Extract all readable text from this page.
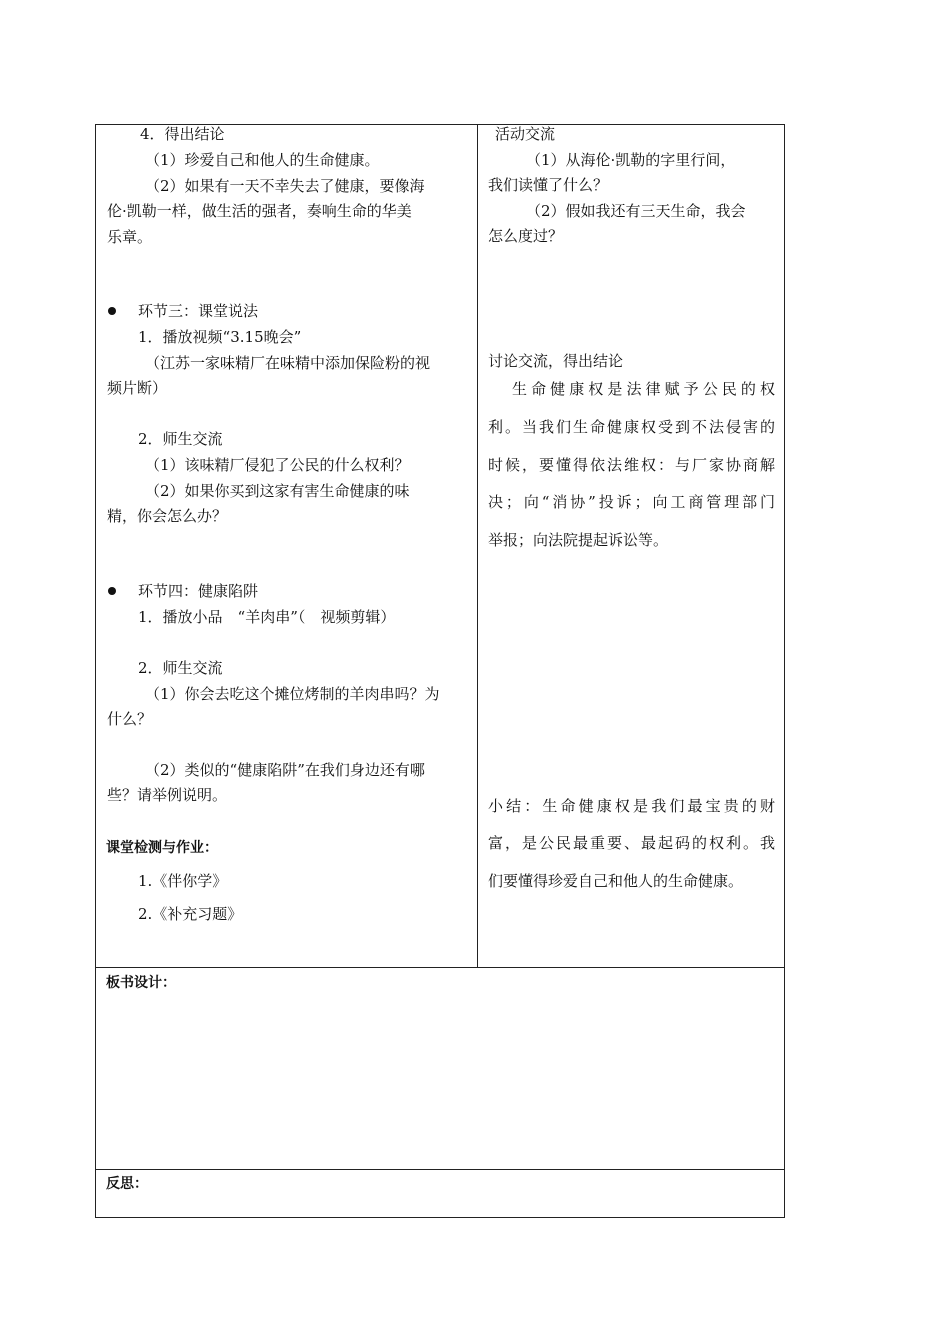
4．得出结论
（1）珍爱自己和他人的生命健康。
（2）如果有一天不幸失去了健康，要像海
伦·凯勒一样，做生活的强者，奏响生命的华美
乐章。
环节三：课堂说法
1．播放视频“3.15晚会”
（江苏一家味精厂在味精中添加保险粉的视
频片断）
2．师生交流
（1）该味精厂侵犯了公民的什么权利？
（2）如果你买到这家有害生命健康的味
精，你会怎么办？
环节四：健康陷阱
1．播放小品　“羊肉串”（　视频剪辑）
2．师生交流
（1）你会去吃这个摊位烤制的羊肉串吗？为
什么？
（2）类似的“健康陷阱”在我们身边还有哪
些？请举例说明。
课堂检测与作业：
1.《伴你学》
2.《补充习题》
活动交流
（1）从海伦·凯勒的字里行间，
我们读懂了什么？
（2）假如我还有三天生命，我会
怎么度过？
讨论交流，得出结论
生命健康权是法律赋予公民的权
利。当我们生命健康权受到不法侵害的
时候，要懂得依法维权：与厂家协商解
决；向“消协”投诉；向工商管理部门
举报；向法院提起诉讼等。
小结：生命健康权是我们最宝贵的财
富，是公民最重要、最起码的权利。我
们要懂得珍爱自己和他人的生命健康。
板书设计：
反思：
